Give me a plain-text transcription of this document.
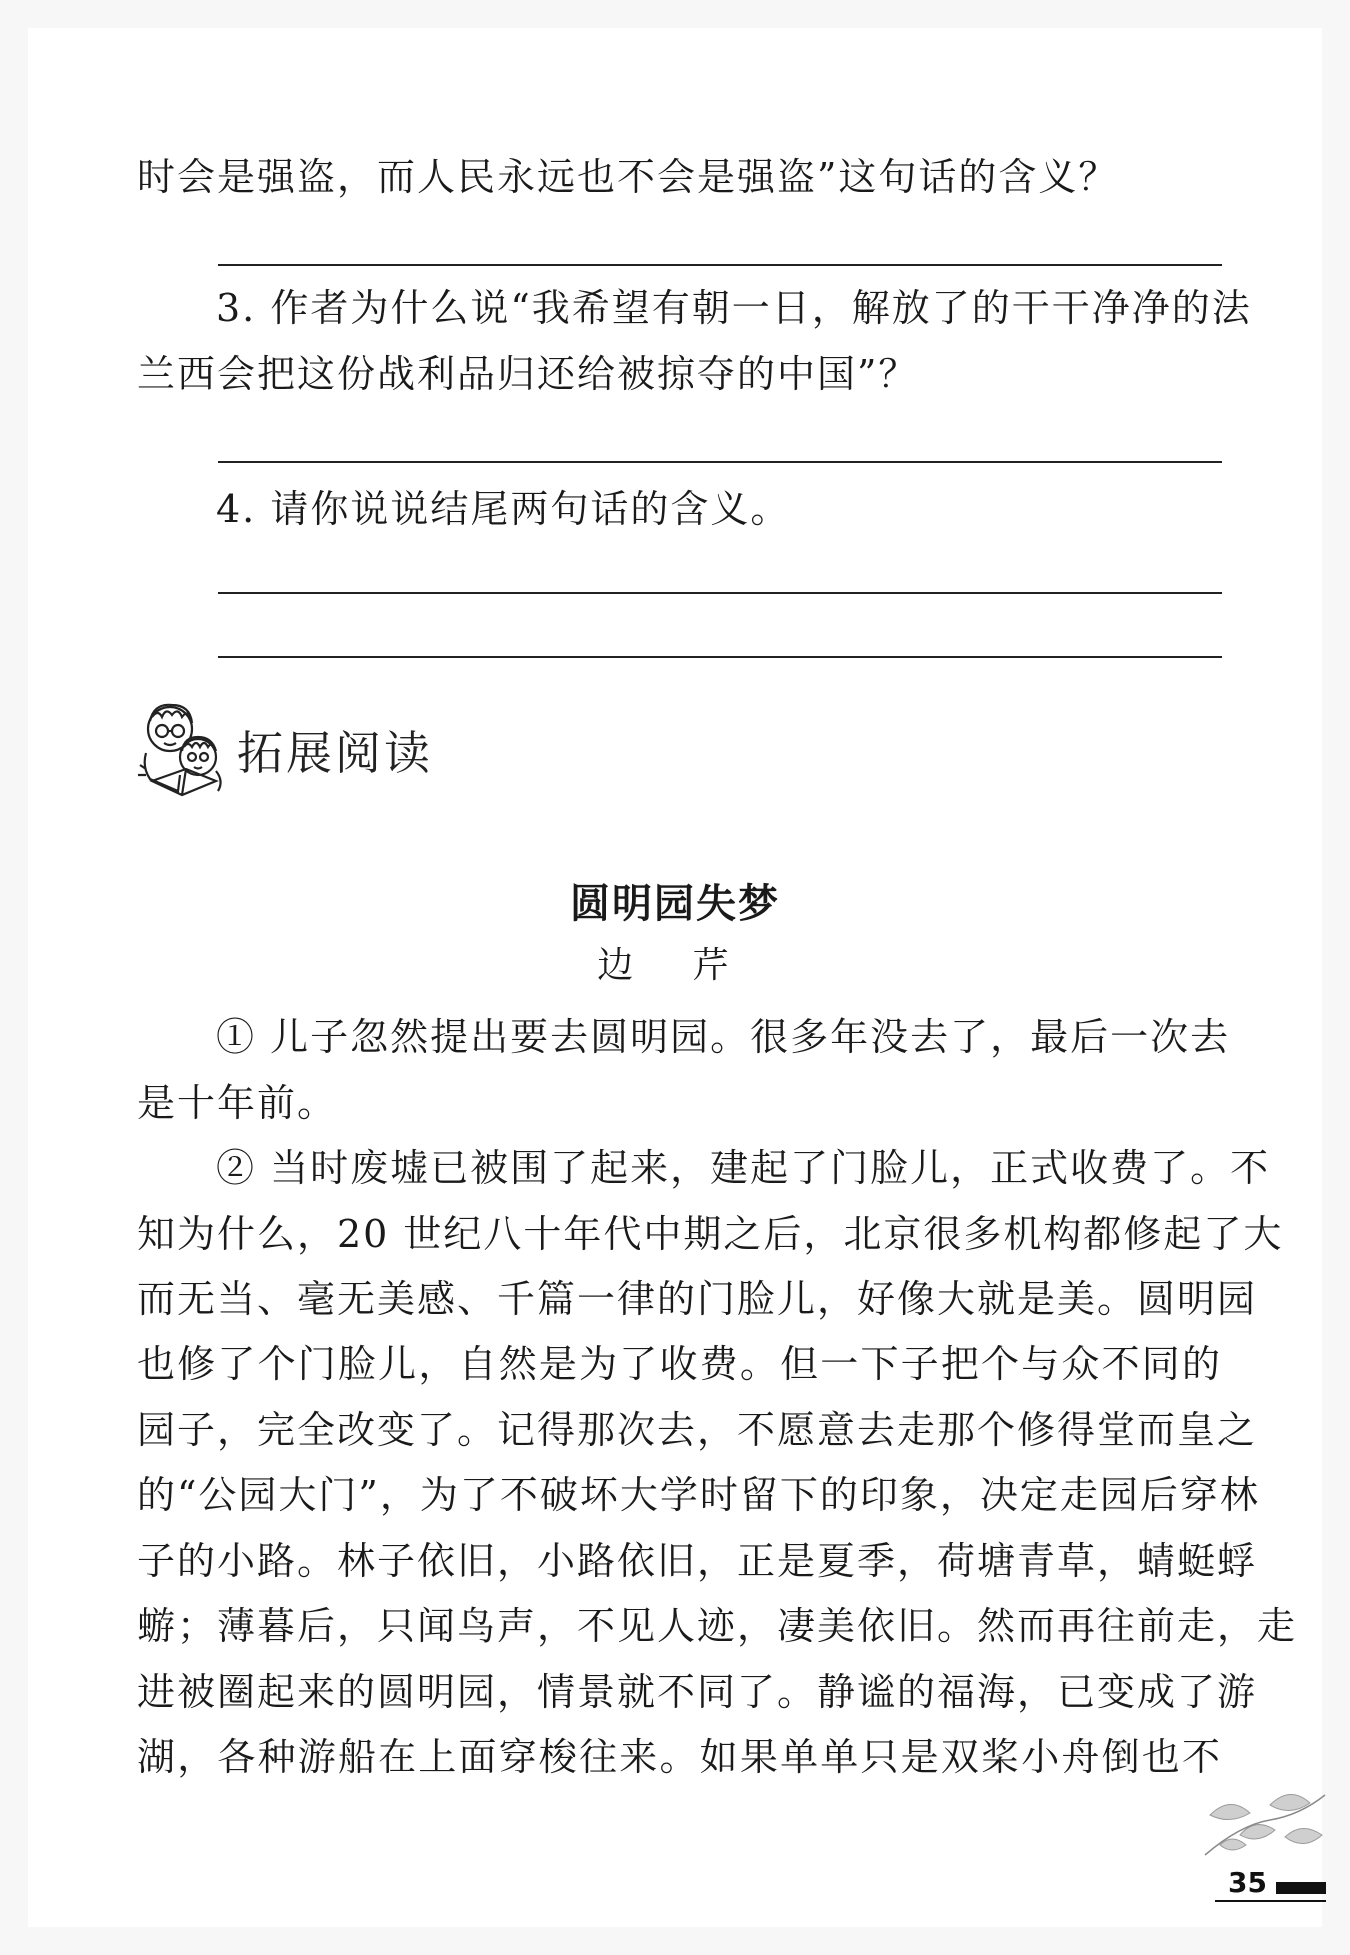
时会是强盗，而人民永远也不会是强盗”这句话的含义？
3. 作者为什么说“我希望有朝一日，解放了的干干净净的法
兰西会把这份战利品归还给被掠夺的中国”？
4. 请你说说结尾两句话的含义。
拓展阅读
圆明园失梦
边 芹
① 儿子忽然提出要去圆明园。很多年没去了，最后一次去
是十年前。
② 当时废墟已被围了起来，建起了门脸儿，正式收费了。不
知为什么，20 世纪八十年代中期之后，北京很多机构都修起了大
而无当、毫无美感、千篇一律的门脸儿，好像大就是美。圆明园
也修了个门脸儿，自然是为了收费。但一下子把个与众不同的
园子，完全改变了。记得那次去，不愿意去走那个修得堂而皇之
的“公园大门”，为了不破坏大学时留下的印象，决定走园后穿林
子的小路。林子依旧，小路依旧，正是夏季，荷塘青草，蜻蜓蜉
蝣；薄暮后，只闻鸟声，不见人迹，凄美依旧。然而再往前走，走
进被圈起来的圆明园，情景就不同了。静谧的福海，已变成了游
湖，各种游船在上面穿梭往来。如果单单只是双桨小舟倒也不
35
